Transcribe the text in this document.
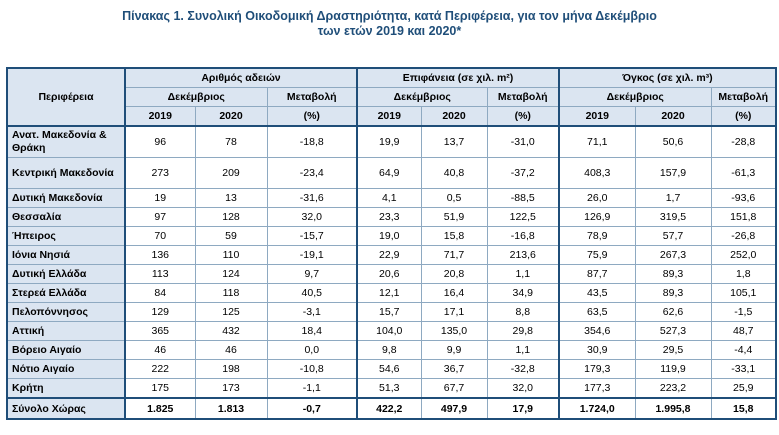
Πίνακας 1. Συνολική Οικοδομική Δραστηριότητα, κατά Περιφέρεια, για τον μήνα Δεκέμβριο
των ετών 2019 και 2020*
Περιφέρεια	Αριθμός αδειών			Επιφάνεια (σε χιλ. m²)			Όγκος (σε χιλ. m³)		
	Δεκέμβριος		Μεταβολή	Δεκέμβριος		Μεταβολή	Δεκέμβριος		Μεταβολή
	2019	2020	(%)	2019	2020	(%)	2019	2020	(%)
Ανατ. Μακεδονία & Θράκη	96	78	-18,8	19,9	13,7	-31,0	71,1	50,6	-28,8
Κεντρική Μακεδονία	273	209	-23,4	64,9	40,8	-37,2	408,3	157,9	-61,3
Δυτική Μακεδονία	19	13	-31,6	4,1	0,5	-88,5	26,0	1,7	-93,6
Θεσσαλία	97	128	32,0	23,3	51,9	122,5	126,9	319,5	151,8
Ήπειρος	70	59	-15,7	19,0	15,8	-16,8	78,9	57,7	-26,8
Ιόνια Νησιά	136	110	-19,1	22,9	71,7	213,6	75,9	267,3	252,0
Δυτική Ελλάδα	113	124	9,7	20,6	20,8	1,1	87,7	89,3	1,8
Στερεά Ελλάδα	84	118	40,5	12,1	16,4	34,9	43,5	89,3	105,1
Πελοπόννησος	129	125	-3,1	15,7	17,1	8,8	63,5	62,6	-1,5
Αττική	365	432	18,4	104,0	135,0	29,8	354,6	527,3	48,7
Βόρειο Αιγαίο	46	46	0,0	9,8	9,9	1,1	30,9	29,5	-4,4
Νότιο Αιγαίο	222	198	-10,8	54,6	36,7	-32,8	179,3	119,9	-33,1
Κρήτη	175	173	-1,1	51,3	67,7	32,0	177,3	223,2	25,9
Σύνολο Χώρας	1.825	1.813	-0,7	422,2	497,9	17,9	1.724,0	1.995,8	15,8
